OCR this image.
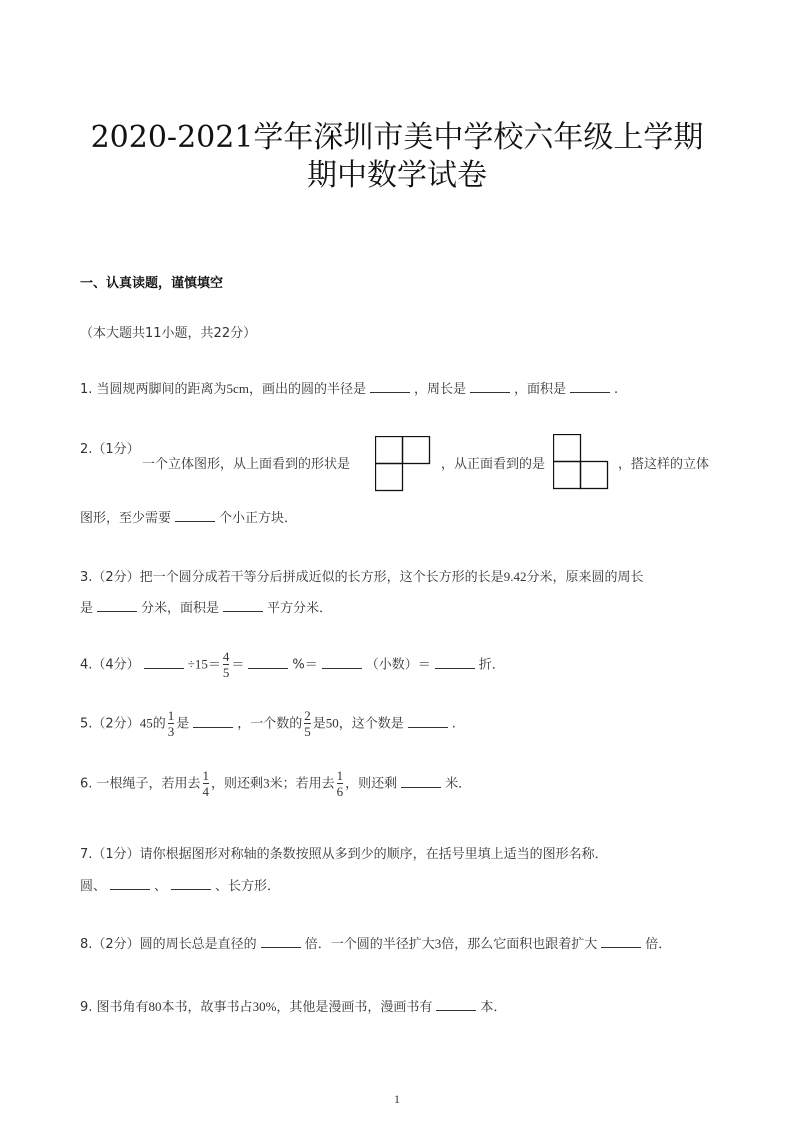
2020-2021学年深圳市美中学校六年级上学期
期中数学试卷
一、认真读题，谨慎填空
（本大题共11小题，共22分）
1. 当圆规两脚间的距离为5cm，画出的圆的半径是	，周长是	，面积是	.
2.（1分）
一个立体图形，从上面看到的形状是	，从正面看到的是	，搭这样的立体
图形，至少需要	个小正方块．
3.（2分）把一个圆分成若干等分后拼成近似的长方形，这个长方形的长是9.42分米，原来圆的周长
是	分米，面积是	平方分米．
4.（4分）	$\div 15= \frac{4}{5}$ ＝	%＝	（小数）＝	折．
5.（2分）45的 $\frac{1}{3}$ 是	，一个数的 $\frac{2}{5}$ 是50，这个数是	.
6. 一根绳子，若用去 $\frac{1}{4}$ ，则还剩3米；若用去 $\frac{1}{6}$ ，则还剩	米．
7.（1分）请你根据图形对称轴的条数按照从多到少的顺序，在括号里填上适当的图形名称．
圆、	、	、长方形．
8.（2分）圆的周长总是直径的	倍．一个圆的半径扩大3倍，那么它面积也跟着扩大	倍．
9. 图书角有80本书，故事书占30%，其他是漫画书，漫画书有	本．
1
